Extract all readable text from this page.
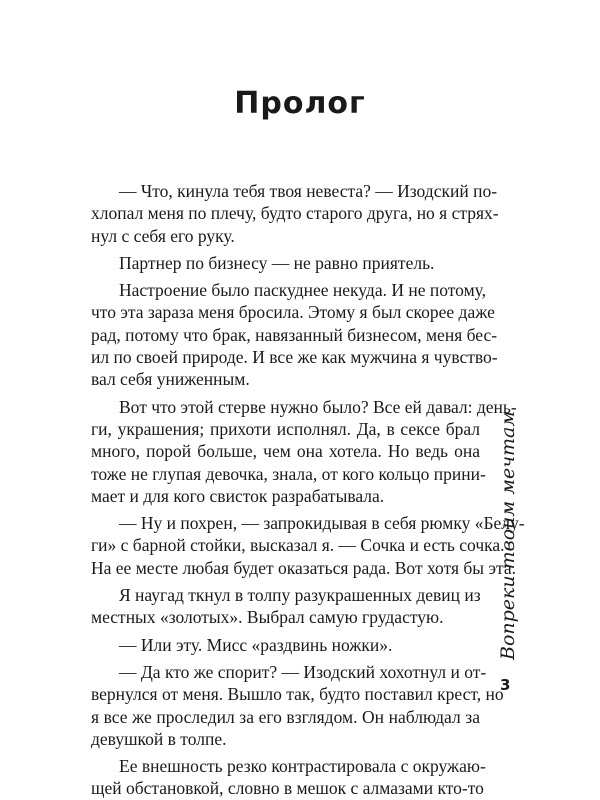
Пролог
— Что, кинула тебя твоя невеста? — Изодский по-
хлопал меня по плечу, будто старого друга, но я стрях-
нул с себя его руку.
Партнер по бизнесу — не равно приятель.
Настроение было паскуднее некуда. И не потому,
что эта зараза меня бросила. Этому я был скорее даже
рад, потому что брак, навязанный бизнесом, меня бес-
ил по своей природе. И все же как мужчина я чувство-
вал себя униженным.
Вот что этой стерве нужно было? Все ей давал: день-
ги, украшения; прихоти исполнял. Да, в сексе брал
много, порой больше, чем она хотела. Но ведь она
тоже не глупая девочка, знала, от кого кольцо прини-
мает и для кого свисток разрабатывала.
— Ну и похрен, — запрокидывая в себя рюмку «Белу-
ги» с барной стойки, высказал я. — Сочка и есть сочка.
На ее месте любая будет оказаться рада. Вот хотя бы эта.
Я наугад ткнул в толпу разукрашенных девиц из
местных «золотых». Выбрал самую грудастую.
— Или эту. Мисс «раздвинь ножки».
— Да кто же спорит? — Изодский хохотнул и от-
вернулся от меня. Вышло так, будто поставил крест, но
я все же проследил за его взглядом. Он наблюдал за
девушкой в толпе.
Ее внешность резко контрастировала с окружаю-
щей обстановкой, словно в мешок с алмазами кто-то
Вопреки твоим мечтам
3
